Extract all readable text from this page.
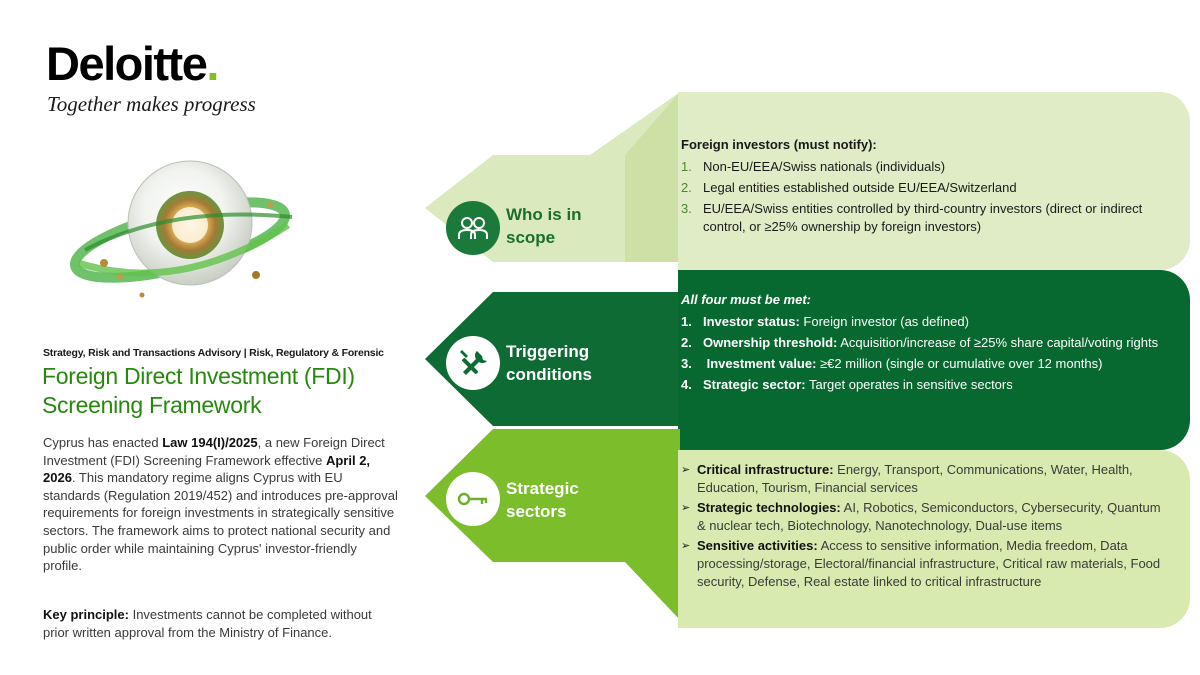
Deloitte.
Together makes progress
Strategy, Risk and Transactions Advisory | Risk, Regulatory & Forensic
Foreign Direct Investment (FDI) Screening Framework
Cyprus has enacted Law 194(I)/2025, a new Foreign Direct Investment (FDI) Screening Framework effective April 2, 2026. This mandatory regime aligns Cyprus with EU standards (Regulation 2019/452) and introduces pre-approval requirements for foreign investments in strategically sensitive sectors. The framework aims to protect national security and public order while maintaining Cyprus' investor-friendly profile.
Key principle: Investments cannot be completed without prior written approval from the Ministry of Finance.
Who is in
scope
Triggering
conditions
Strategic
sectors
Foreign investors (must notify):
1. Non-EU/EEA/Swiss nationals (individuals)
2. Legal entities established outside EU/EEA/Switzerland
3. EU/EEA/Swiss entities controlled by third-country investors (direct or indirect control, or ≥25% ownership by foreign investors)
All four must be met:
1. Investor status: Foreign investor (as defined)
2. Ownership threshold: Acquisition/increase of ≥25% share capital/voting rights
3. Investment value: ≥€2 million (single or cumulative over 12 months)
4. Strategic sector: Target operates in sensitive sectors
➢ Critical infrastructure: Energy, Transport, Communications, Water, Health, Education, Tourism, Financial services
➢ Strategic technologies: AI, Robotics, Semiconductors, Cybersecurity, Quantum & nuclear tech, Biotechnology, Nanotechnology, Dual-use items
➢ Sensitive activities: Access to sensitive information, Media freedom, Data processing/storage, Electoral/financial infrastructure, Critical raw materials, Food security, Defense, Real estate linked to critical infrastructure
